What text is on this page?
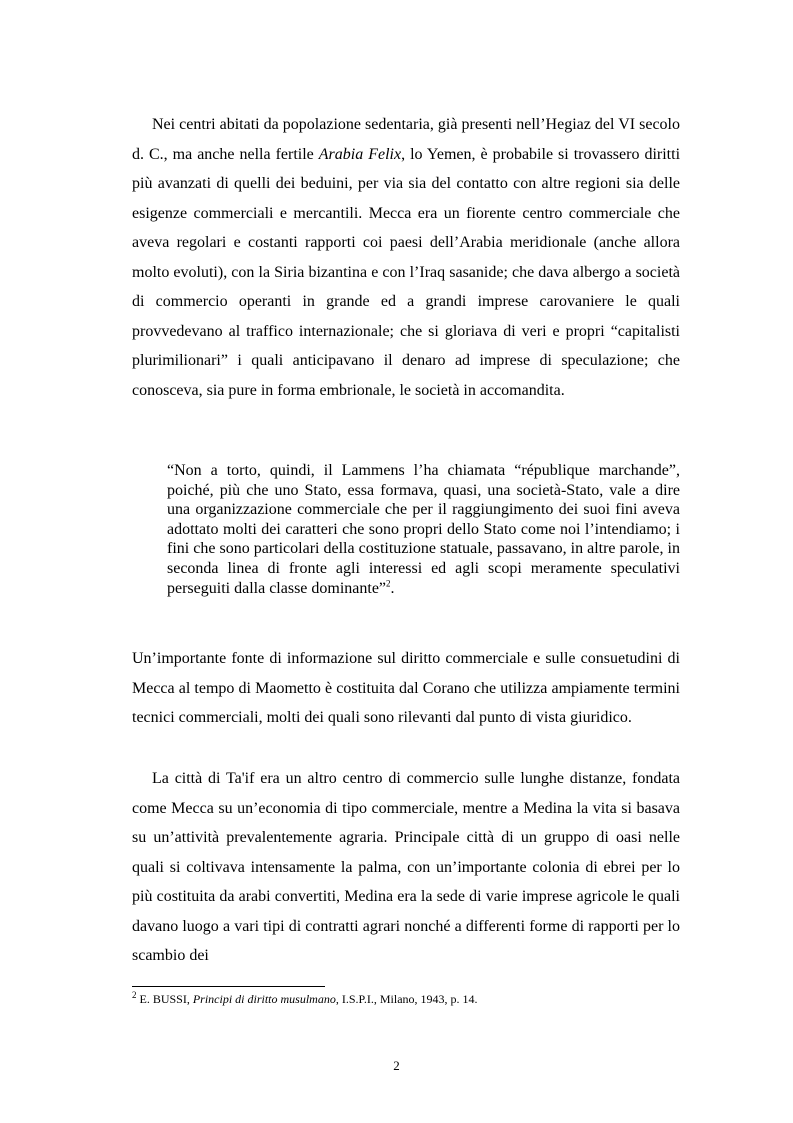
Nei centri abitati da popolazione sedentaria, già presenti nell’Hegiaz del VI secolo d. C., ma anche nella fertile Arabia Felix, lo Yemen, è probabile si trovassero diritti più avanzati di quelli dei beduini, per via sia del contatto con altre regioni sia delle esigenze commerciali e mercantili. Mecca era un fiorente centro commerciale che aveva regolari e costanti rapporti coi paesi dell’Arabia meridionale (anche allora molto evoluti), con la Siria bizantina e con l’Iraq sasanide; che dava albergo a società di commercio operanti in grande ed a grandi imprese carovaniere le quali provvedevano al traffico internazionale; che si gloriava di veri e propri “capitalisti plurimilionari” i quali anticipavano il denaro ad imprese di speculazione; che conosceva, sia pure in forma embrionale, le società in accomandita.

“Non a torto, quindi, il Lammens l’ha chiamata “république marchande”, poiché, più che uno Stato, essa formava, quasi, una società-Stato, vale a dire una organizzazione commerciale che per il raggiungimento dei suoi fini aveva adottato molti dei caratteri che sono propri dello Stato come noi l’intendiamo; i fini che sono particolari della costituzione statuale, passavano, in altre parole, in seconda linea di fronte agli interessi ed agli scopi meramente speculativi perseguiti dalla classe dominante”$^2$.

Un’importante fonte di informazione sul diritto commerciale e sulle consuetudini di Mecca al tempo di Maometto è costituita dal Corano che utilizza ampiamente termini tecnici commerciali, molti dei quali sono rilevanti dal punto di vista giuridico.

La città di Ta'if era un altro centro di commercio sulle lunghe distanze, fondata come Mecca su un’economia di tipo commerciale, mentre a Medina la vita si basava su un’attività prevalentemente agraria. Principale città di un gruppo di oasi nelle quali si coltivava intensamente la palma, con un’importante colonia di ebrei per lo più costituita da arabi convertiti, Medina era la sede di varie imprese agricole le quali davano luogo a vari tipi di contratti agrari nonché a differenti forme di rapporti per lo scambio dei

$^2$ E. BUSSI, Principi di diritto musulmano, I.S.P.I., Milano, 1943, p. 14.

2
